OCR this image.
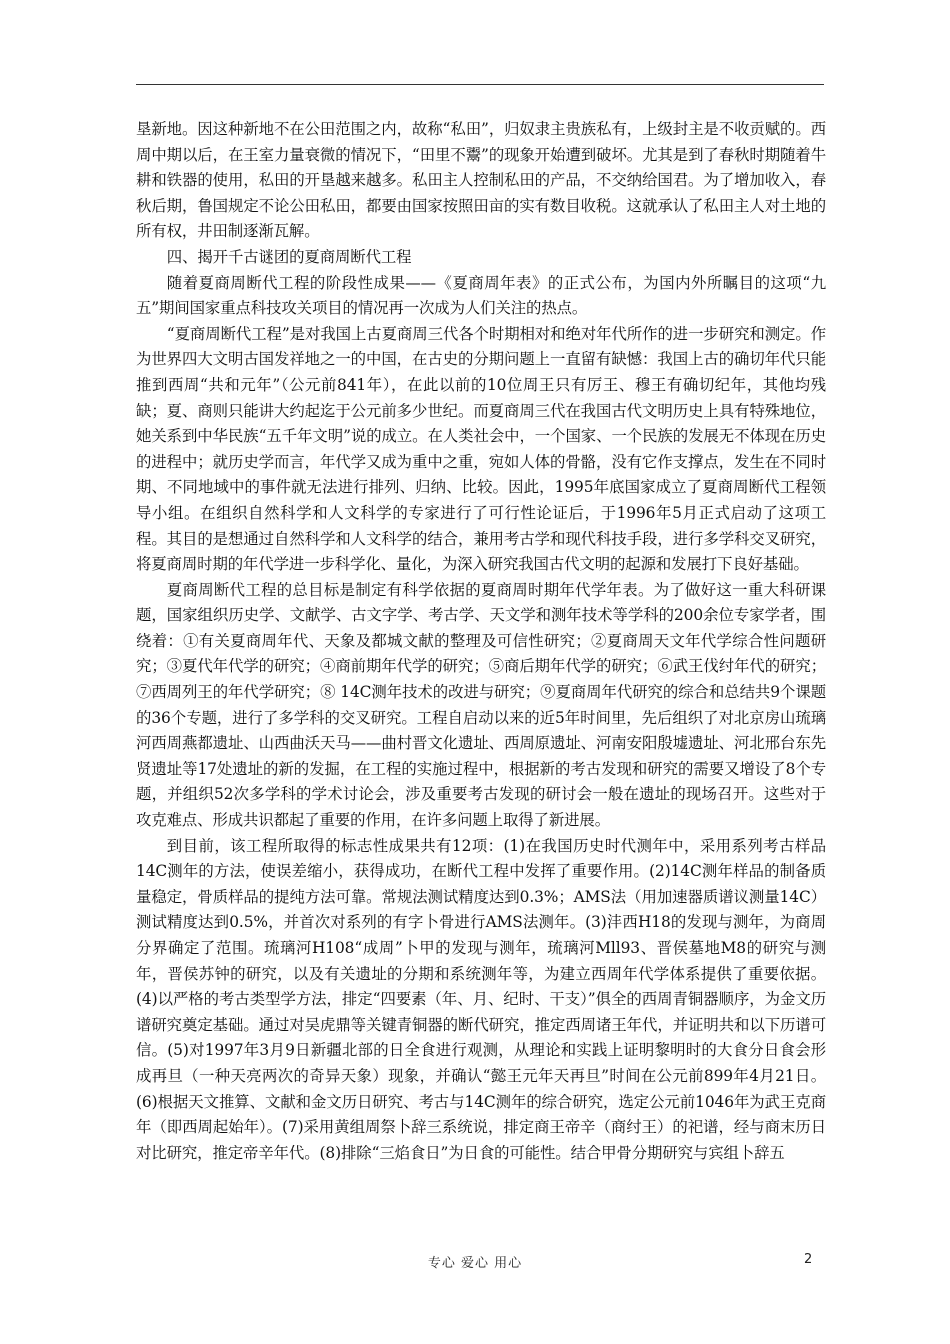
垦新地。因这种新地不在公田范围之内，故称“私田”，归奴隶主贵族私有，上级封主是不收贡赋的。西周中期以后，在王室力量衰微的情况下，“田里不鬻”的现象开始遭到破坏。尤其是到了春秋时期随着牛耕和铁器的使用，私田的开垦越来越多。私田主人控制私田的产品，不交纳给国君。为了增加收入，春秋后期，鲁国规定不论公田私田，都要由国家按照田亩的实有数目收税。这就承认了私田主人对土地的所有权，井田制逐渐瓦解。

四、揭开千古谜团的夏商周断代工程

随着夏商周断代工程的阶段性成果——《夏商周年表》的正式公布，为国内外所瞩目的这项“九五”期间国家重点科技攻关项目的情况再一次成为人们关注的热点。

“夏商周断代工程”是对我国上古夏商周三代各个时期相对和绝对年代所作的进一步研究和测定。作为世界四大文明古国发祥地之一的中国，在古史的分期问题上一直留有缺憾：我国上古的确切年代只能推到西周“共和元年”（公元前841年），在此以前的10位周王只有厉王、穆王有确切纪年，其他均残缺；夏、商则只能讲大约起迄于公元前多少世纪。而夏商周三代在我国古代文明历史上具有特殊地位，她关系到中华民族“五千年文明”说的成立。在人类社会中，一个国家、一个民族的发展无不体现在历史的进程中；就历史学而言，年代学又成为重中之重，宛如人体的骨骼，没有它作支撑点，发生在不同时期、不同地域中的事件就无法进行排列、归纳、比较。因此，1995年底国家成立了夏商周断代工程领导小组。在组织自然科学和人文科学的专家进行了可行性论证后，于1996年5月正式启动了这项工程。其目的是想通过自然科学和人文科学的结合，兼用考古学和现代科技手段，进行多学科交叉研究，将夏商周时期的年代学进一步科学化、量化，为深入研究我国古代文明的起源和发展打下良好基础。

夏商周断代工程的总目标是制定有科学依据的夏商周时期年代学年表。为了做好这一重大科研课题，国家组织历史学、文献学、古文字学、考古学、天文学和测年技术等学科的200余位专家学者，围绕着：①有关夏商周年代、天象及都城文献的整理及可信性研究；②夏商周天文年代学综合性问题研究；③夏代年代学的研究；④商前期年代学的研究；⑤商后期年代学的研究；⑥武王伐纣年代的研究；⑦西周列王的年代学研究；⑧ 14C测年技术的改进与研究；⑨夏商周年代研究的综合和总结共9个课题的36个专题，进行了多学科的交叉研究。工程自启动以来的近5年时间里，先后组织了对北京房山琉璃河西周燕都遗址、山西曲沃天马——曲村晋文化遗址、西周原遗址、河南安阳殷墟遗址、河北邢台东先贤遗址等17处遗址的新的发掘，在工程的实施过程中，根据新的考古发现和研究的需要又增设了8个专题，并组织52次多学科的学术讨论会，涉及重要考古发现的研讨会一般在遗址的现场召开。这些对于攻克难点、形成共识都起了重要的作用，在许多问题上取得了新进展。

到目前，该工程所取得的标志性成果共有12项：(1)在我国历史时代测年中，采用系列考古样品14C测年的方法，使误差缩小，获得成功，在断代工程中发挥了重要作用。(2)14C测年样品的制备质量稳定，骨质样品的提纯方法可靠。常规法测试精度达到0.3%；AMS法（用加速器质谱议测量14C）测试精度达到0.5%，并首次对系列的有字卜骨进行AMS法测年。(3)沣西H18的发现与测年，为商周分界确定了范围。琉璃河H108“成周”卜甲的发现与测年，琉璃河Mll93、晋侯墓地M8的研究与测年，晋侯苏钟的研究，以及有关遗址的分期和系统测年等，为建立西周年代学体系提供了重要依据。(4)以严格的考古类型学方法，排定“四要素（年、月、纪时、干支）”俱全的西周青铜器顺序，为金文历谱研究奠定基础。通过对吴虎鼎等关键青铜器的断代研究，推定西周诸王年代，并证明共和以下历谱可信。(5)对1997年3月9日新疆北部的日全食进行观测，从理论和实践上证明黎明时的大食分日食会形成再旦（一种天亮两次的奇异天象）现象，并确认“懿王元年天再旦”时间在公元前899年4月21日。(6)根据天文推算、文献和金文历日研究、考古与14C测年的综合研究，选定公元前1046年为武王克商年（即西周起始年）。(7)采用黄组周祭卜辞三系统说，排定商王帝辛（商纣王）的祀谱，经与商末历日对比研究，推定帝辛年代。(8)排除“三焰食日”为日食的可能性。结合甲骨分期研究与宾组卜辞五

专心 爱心 用心	2
